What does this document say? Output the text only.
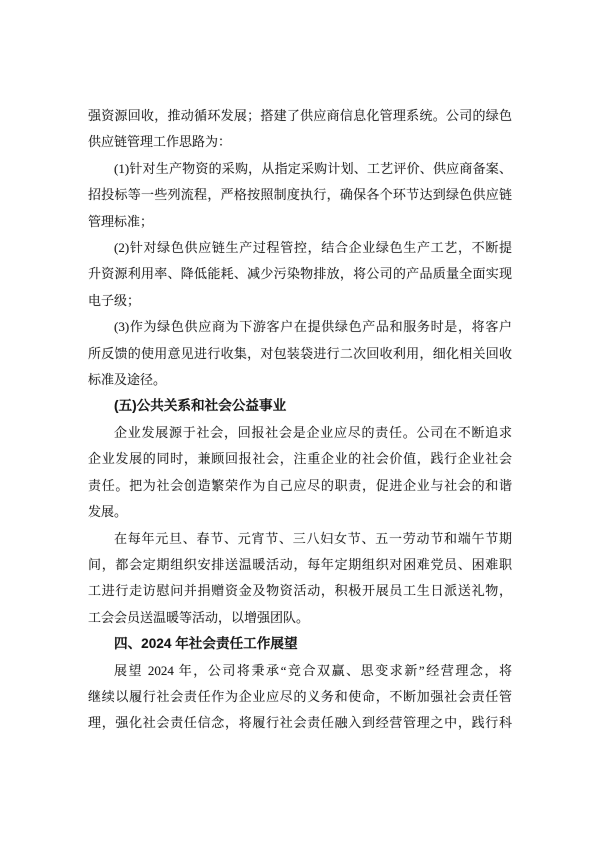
强资源回收，推动循环发展；搭建了供应商信息化管理系统。公司的绿色
供应链管理工作思路为：
(1)针对生产物资的采购，从指定采购计划、工艺评价、供应商备案、
招投标等一些列流程，严格按照制度执行，确保各个环节达到绿色供应链
管理标准；
(2)针对绿色供应链生产过程管控，结合企业绿色生产工艺，不断提
升资源利用率、降低能耗、减少污染物排放，将公司的产品质量全面实现
电子级；
(3)作为绿色供应商为下游客户在提供绿色产品和服务时是，将客户
所反馈的使用意见进行收集，对包装袋进行二次回收利用，细化相关回收
标准及途径。
(五)公共关系和社会公益事业
企业发展源于社会，回报社会是企业应尽的责任。公司在不断追求
企业发展的同时，兼顾回报社会，注重企业的社会价值，践行企业社会
责任。把为社会创造繁荣作为自己应尽的职责，促进企业与社会的和谐
发展。
在每年元旦、春节、元宵节、三八妇女节、五一劳动节和端午节期
间，都会定期组织安排送温暖活动，每年定期组织对困难党员、困难职
工进行走访慰问并捐赠资金及物资活动，积极开展员工生日派送礼物，
工会会员送温暖等活动，以增强团队。
四、2024 年社会责任工作展望
展望 2024 年，公司将秉承“竞合双赢、思变求新”经营理念，将
继续以履行社会责任作为企业应尽的义务和使命，不断加强社会责任管
理，强化社会责任信念，将履行社会责任融入到经营管理之中，践行科
